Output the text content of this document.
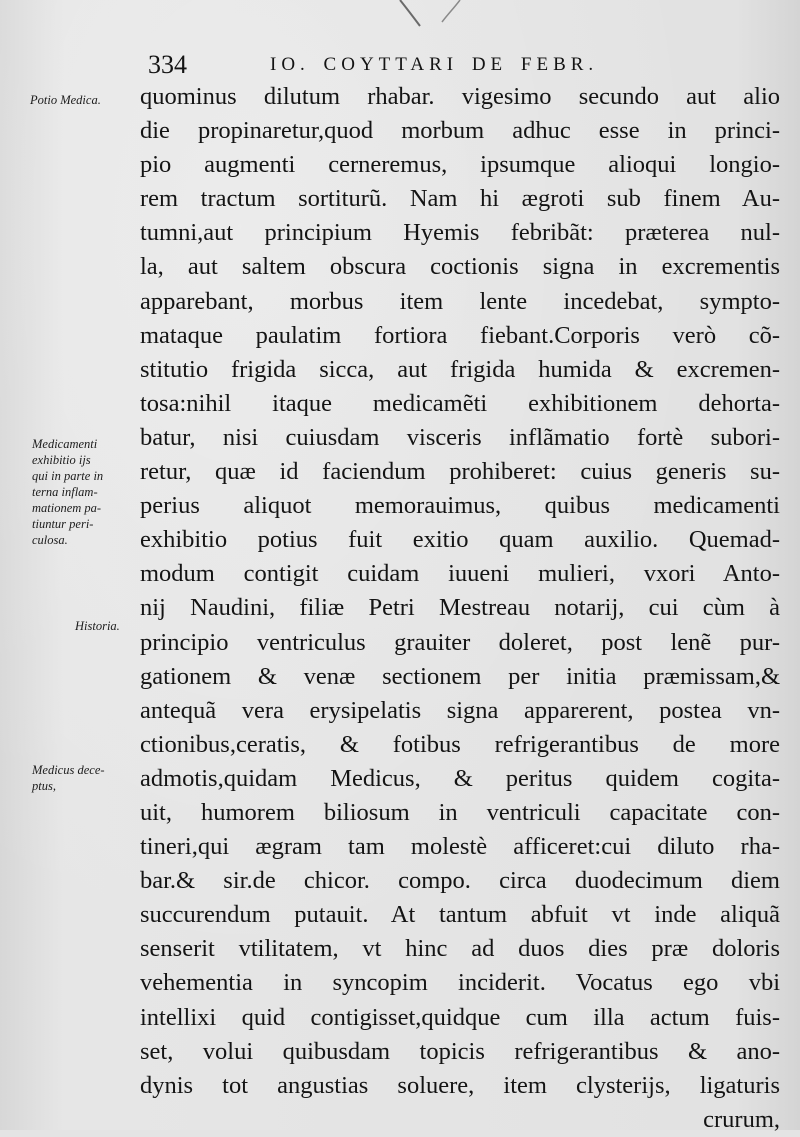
334	IO. COYTTARI DE FEBR.
Potio Medica.
Medicamenti
exhibitio ijs
qui in parte in
terna inflam-
mationem pa-
tiuntur peri-
culosa.
Historia.
Medicus dece-
ptus,
quominus dilutum rhabar. vigesimo secundo aut alio
die propinaretur,quod morbum adhuc esse in princi-
pio augmenti cerneremus, ipsumque alioqui longio-
rem tractum sortiturũ. Nam hi ægroti sub finem Au-
tumni,aut principium Hyemis febribãt: præterea nul-
la, aut saltem obscura coctionis signa in excrementis
apparebant, morbus item lente incedebat, sympto-
mataque paulatim fortiora fiebant.Corporis verò cõ-
stitutio frigida sicca, aut frigida humida & excremen-
tosa:nihil itaque medicamẽti exhibitionem dehorta-
batur, nisi cuiusdam visceris inflãmatio fortè subori-
retur, quæ id faciendum prohiberet: cuius generis su-
perius aliquot memorauimus, quibus medicamenti
exhibitio potius fuit exitio quam auxilio. Quemad-
modum contigit cuidam iuueni mulieri, vxori Anto-
nij Naudini, filiæ Petri Mestreau notarij, cui cùm à
principio ventriculus grauiter doleret, post lenẽ pur-
gationem & venæ sectionem per initia præmissam,&
antequã vera erysipelatis signa apparerent, postea vn-
ctionibus,ceratis, & fotibus refrigerantibus de more
admotis,quidam Medicus, & peritus quidem cogita-
uit, humorem biliosum in ventriculi capacitate con-
tineri,qui ægram tam molestè afficeret:cui diluto rha-
bar.& sir.de chicor. compo. circa duodecimum diem
succurendum putauit. At tantum abfuit vt inde aliquã
senserit vtilitatem, vt hinc ad duos dies præ doloris
vehementia in syncopim inciderit. Vocatus ego vbi
intellixi quid contigisset,quidque cum illa actum fuis-
set, volui quibusdam topicis refrigerantibus & ano-
dynis tot angustias soluere, item clysterijs, ligaturis
crurum,
